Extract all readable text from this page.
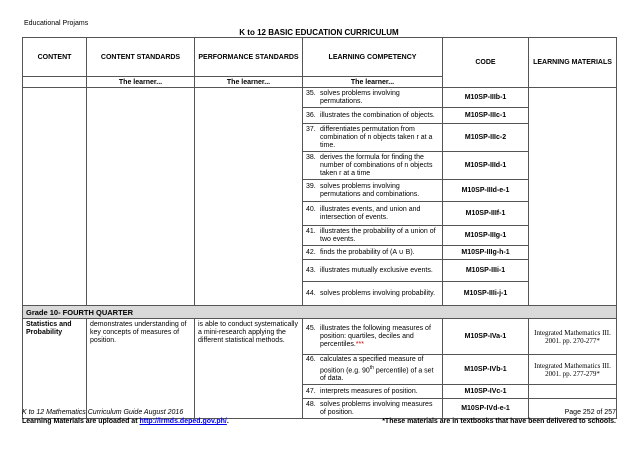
Educational Projams
K to 12 BASIC EDUCATION CURRICULUM
CONTENT	CONTENT STANDARDS	PERFORMANCE STANDARDS	LEARNING COMPETENCY	CODE	LEARNING MATERIALS
	The learner...	The learner...	The learner...		

			35. solves problems involving permutations.	M10SP-IIIb-1	

			36. illustrates the combination of objects.	M10SP-IIIc-1	

			37. differentiates permutation from combination of n objects taken r at a time.	M10SP-IIIc-2	

			38. derives the formula for finding the number of combinations of n objects taken r at a time	M10SP-IIId-1	

			39. solves problems involving permutations and combinations.	M10SP-IIId-e-1	

			40. illustrates events, and union and intersection of events.	M10SP-IIIf-1	

			41. illustrates the probability of a union of two events.	M10SP-IIIg-1	

			42. finds the probability of (A ∪ B).	M10SP-IIIg-h-1	

			43. illustrates mutually exclusive events.	M10SP-IIIi-1	

			44. solves problems involving probability.	M10SP-IIIi-j-1	
Grade 10- FOURTH QUARTER					
Statistics and Probability	demonstrates understanding of key concepts of measures of position.	is able to conduct systematically a mini-research applying the different statistical methods.	45. illustrates the following measures of position: quartiles, deciles and percentiles.***	M10SP-IVa-1	Integrated Mathematics III. 2001. pp. 270-277*

			46. calculates a specified measure of position (e.g. 90th percentile) of a set of data.	M10SP-IVb-1	Integrated Mathematics III. 2001. pp. 277-279*

			47. interprets measures of position.	M10SP-IVc-1	

			48. solves problems involving measures of position.	M10SP-IVd-e-1	
K to 12 Mathematics Curriculum Guide August 2016
Learning Materials are uploaded at http://lrmds.deped.gov.ph/.
Page 252 of 257
*These materials are in textbooks that have been delivered to schools.
